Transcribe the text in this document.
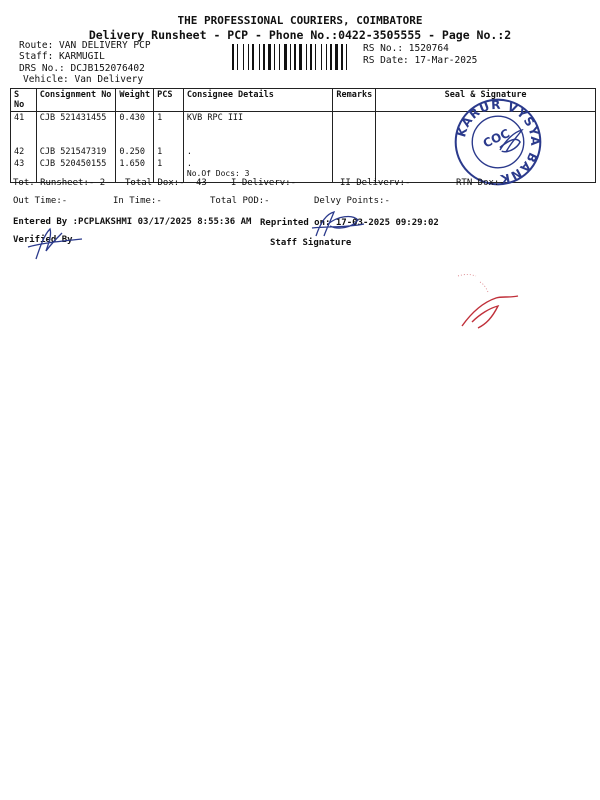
THE PROFESSIONAL COURIERS, COIMBATORE
Delivery Runsheet - PCP - Phone No.:0422-3505555 - Page No.:2
Route: VAN DELIVERY PCP
Staff: KARMUGIL
DRS No.: DCJB152076402
Vehicle: Van Delivery
RS No.: 1520764
RS Date: 17-Mar-2025
S No	Consignment No	Weight	PCS	Consignee Details	Remarks	Seal & Signature
41	CJB 521431455	0.430	1	KVB RPC III		
42	CJB 521547319	0.250	1	.		
43	CJB 520450155	1.650	1	.
No.Of Docs: 3		

KARUR VYSYA BANK
COC
Tot. Runsheet:- 2 Total Dox:- 43	I Deliverv:-	II Deliverv:-	RTN Dox:-
Out Time:-	In Time:-	Total POD:-	Delvy Points:-
Entered By :PCPLAKSHMI 03/17/2025 8:55:36 AM Reprinted on: 17-03-2025 09:29:02
Verified By	Staff Signature
